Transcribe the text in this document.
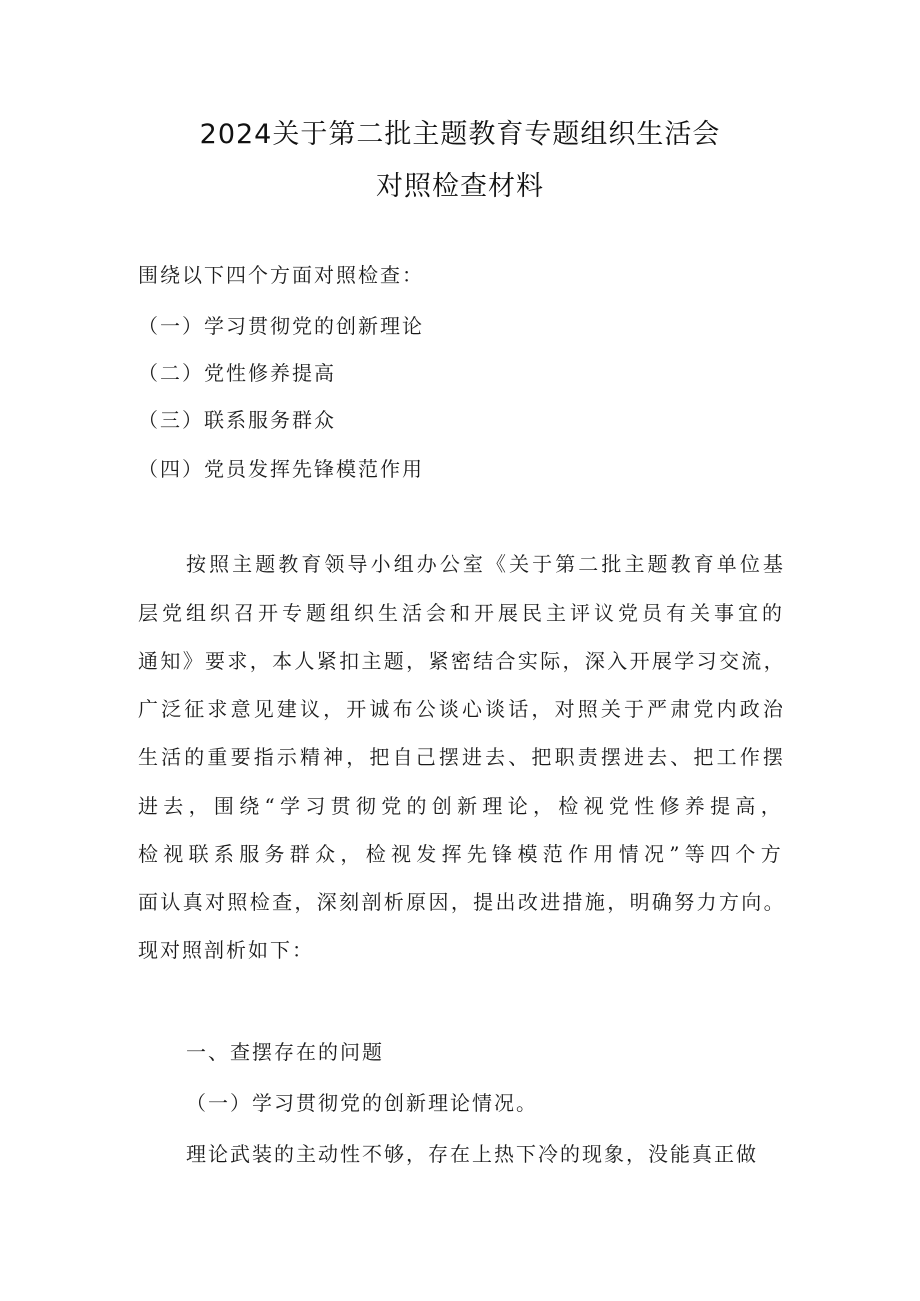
2024关于第二批主题教育专题组织生活会
对照检查材料
围绕以下四个方面对照检查：
（一）学习贯彻党的创新理论
（二）党性修养提高
（三）联系服务群众
（四）党员发挥先锋模范作用
按照主题教育领导小组办公室《关于第二批主题教育单位基
层党组织召开专题组织生活会和开展民主评议党员有关事宜的
通知》要求，本人紧扣主题，紧密结合实际，深入开展学习交流，
广泛征求意见建议，开诚布公谈心谈话，对照关于严肃党内政治
生活的重要指示精神，把自己摆进去、把职责摆进去、把工作摆
进去，围绕“学习贯彻党的创新理论，检视党性修养提高，
检视联系服务群众，检视发挥先锋模范作用情况”等四个方
面认真对照检查，深刻剖析原因，提出改进措施，明确努力方向。
现对照剖析如下：
一、查摆存在的问题
（一）学习贯彻党的创新理论情况。
理论武装的主动性不够，存在上热下冷的现象，没能真正做
